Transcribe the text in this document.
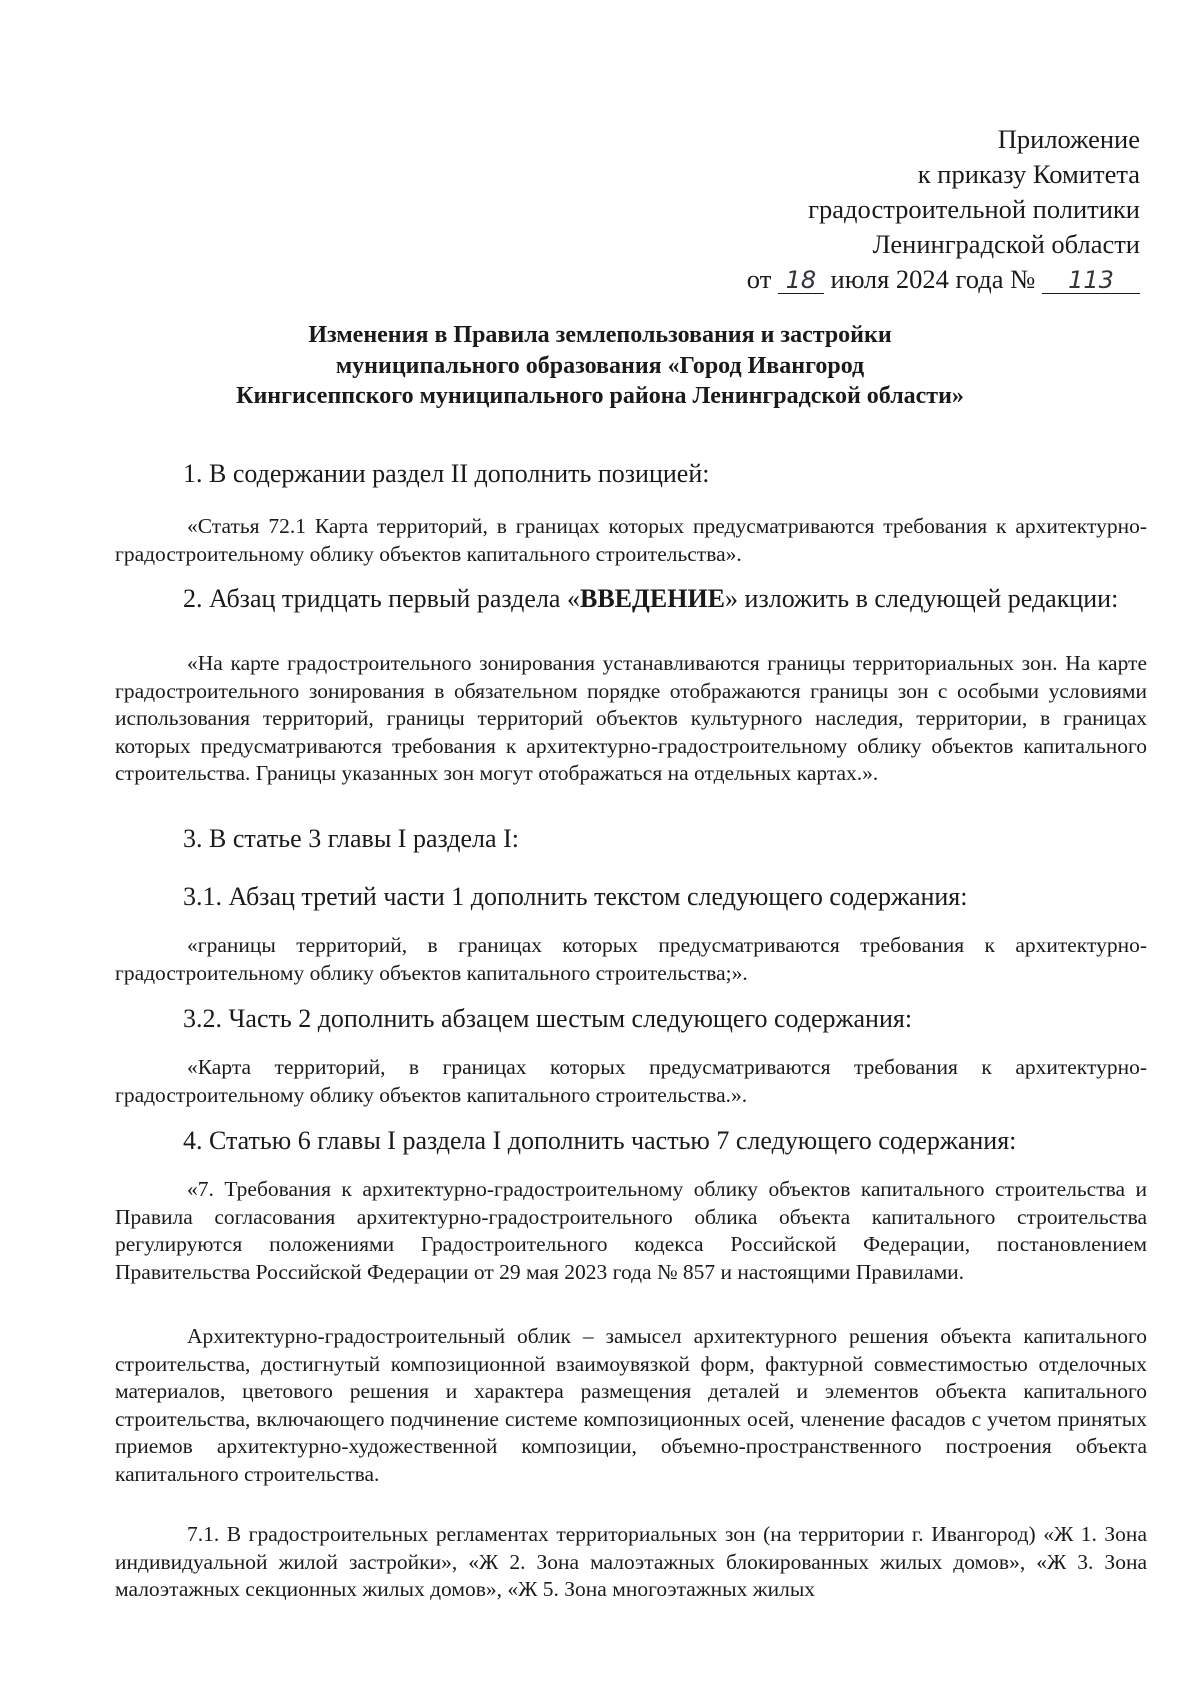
Приложение
к приказу Комитета
градостроительной политики
Ленинградской области
от 18 июля 2024 года № 113
Изменения в Правила землепользования и застройки
муниципального образования «Город Ивангород
Кингисеппского муниципального района Ленинградской области»

1. В содержании раздел II дополнить позицией:

«Статья 72.1 Карта территорий, в границах которых предусматриваются требования к архитектурно-градостроительному облику объектов капитального строительства».

2. Абзац тридцать первый раздела «ВВЕДЕНИЕ» изложить в следующей редакции:

«На карте градостроительного зонирования устанавливаются границы территориальных зон. На карте градостроительного зонирования в обязательном порядке отображаются границы зон с особыми условиями использования территорий, границы территорий объектов культурного наследия, территории, в границах которых предусматриваются требования к архитектурно-градостроительному облику объектов капитального строительства. Границы указанных зон могут отображаться на отдельных картах.».

3. В статье 3 главы I раздела I:

3.1. Абзац третий части 1 дополнить текстом следующего содержания:

«границы территорий, в границах которых предусматриваются требования к архитектурно-градостроительному облику объектов капитального строительства;».

3.2. Часть 2 дополнить абзацем шестым следующего содержания:

«Карта территорий, в границах которых предусматриваются требования к архитектурно-градостроительному облику объектов капитального строительства.».

4. Статью 6 главы I раздела I дополнить частью 7 следующего содержания:

«7. Требования к архитектурно-градостроительному облику объектов капитального строительства и Правила согласования архитектурно-градостроительного облика объекта капитального строительства регулируются положениями Градостроительного кодекса Российской Федерации, постановлением Правительства Российской Федерации от 29 мая 2023 года № 857 и настоящими Правилами.

Архитектурно-градостроительный облик – замысел архитектурного решения объекта капитального строительства, достигнутый композиционной взаимоувязкой форм, фактурной совместимостью отделочных материалов, цветового решения и характера размещения деталей и элементов объекта капитального строительства, включающего подчинение системе композиционных осей, членение фасадов с учетом принятых приемов архитектурно-художественной композиции, объемно-пространственного построения объекта капитального строительства.

7.1. В градостроительных регламентах территориальных зон (на территории г. Ивангород) «Ж 1. Зона индивидуальной жилой застройки», «Ж 2. Зона малоэтажных блокированных жилых домов», «Ж 3. Зона малоэтажных секционных жилых домов», «Ж 5. Зона многоэтажных жилых
